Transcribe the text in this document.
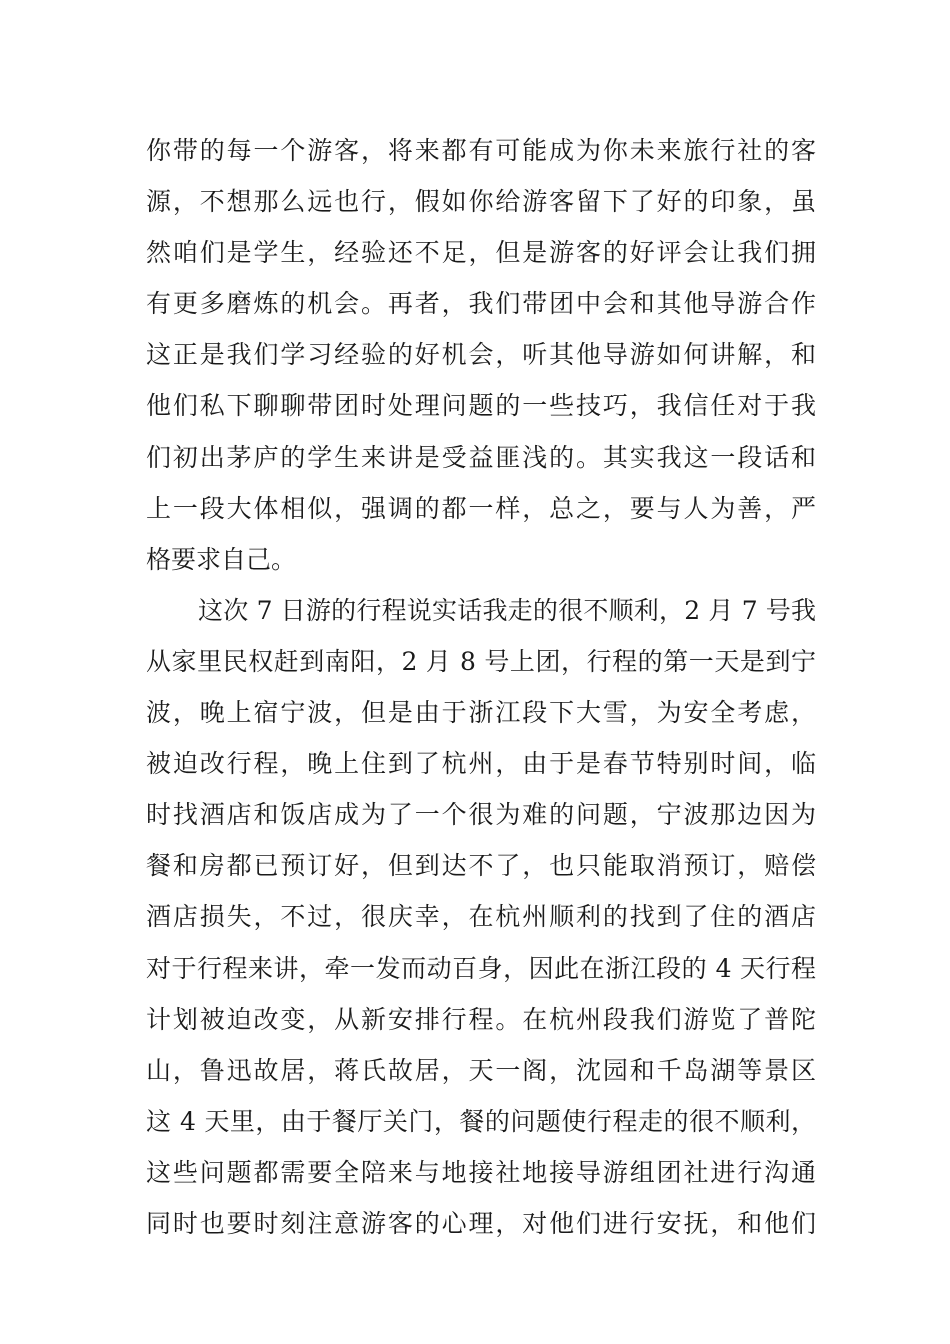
你带的每一个游客，将来都有可能成为你未来旅行社的客
源，不想那么远也行，假如你给游客留下了好的印象，虽
然咱们是学生，经验还不足，但是游客的好评会让我们拥
有更多磨炼的机会。再者，我们带团中会和其他导游合作
这正是我们学习经验的好机会，听其他导游如何讲解，和
他们私下聊聊带团时处理问题的一些技巧，我信任对于我
们初出茅庐的学生来讲是受益匪浅的。其实我这一段话和
上一段大体相似，强调的都一样，总之，要与人为善，严
格要求自己。
这次 7 日游的行程说实话我走的很不顺利，2 月 7 号我
从家里民权赶到南阳，2 月 8 号上团，行程的第一天是到宁
波，晚上宿宁波，但是由于浙江段下大雪，为安全考虑，
被迫改行程，晚上住到了杭州，由于是春节特别时间，临
时找酒店和饭店成为了一个很为难的问题，宁波那边因为
餐和房都已预订好，但到达不了，也只能取消预订，赔偿
酒店损失，不过，很庆幸，在杭州顺利的找到了住的酒店
对于行程来讲，牵一发而动百身，因此在浙江段的 4 天行程
计划被迫改变，从新安排行程。在杭州段我们游览了普陀
山，鲁迅故居，蒋氏故居，天一阁，沈园和千岛湖等景区
这 4 天里，由于餐厅关门，餐的问题使行程走的很不顺利，
这些问题都需要全陪来与地接社地接导游组团社进行沟通
同时也要时刻注意游客的心理，对他们进行安抚，和他们
